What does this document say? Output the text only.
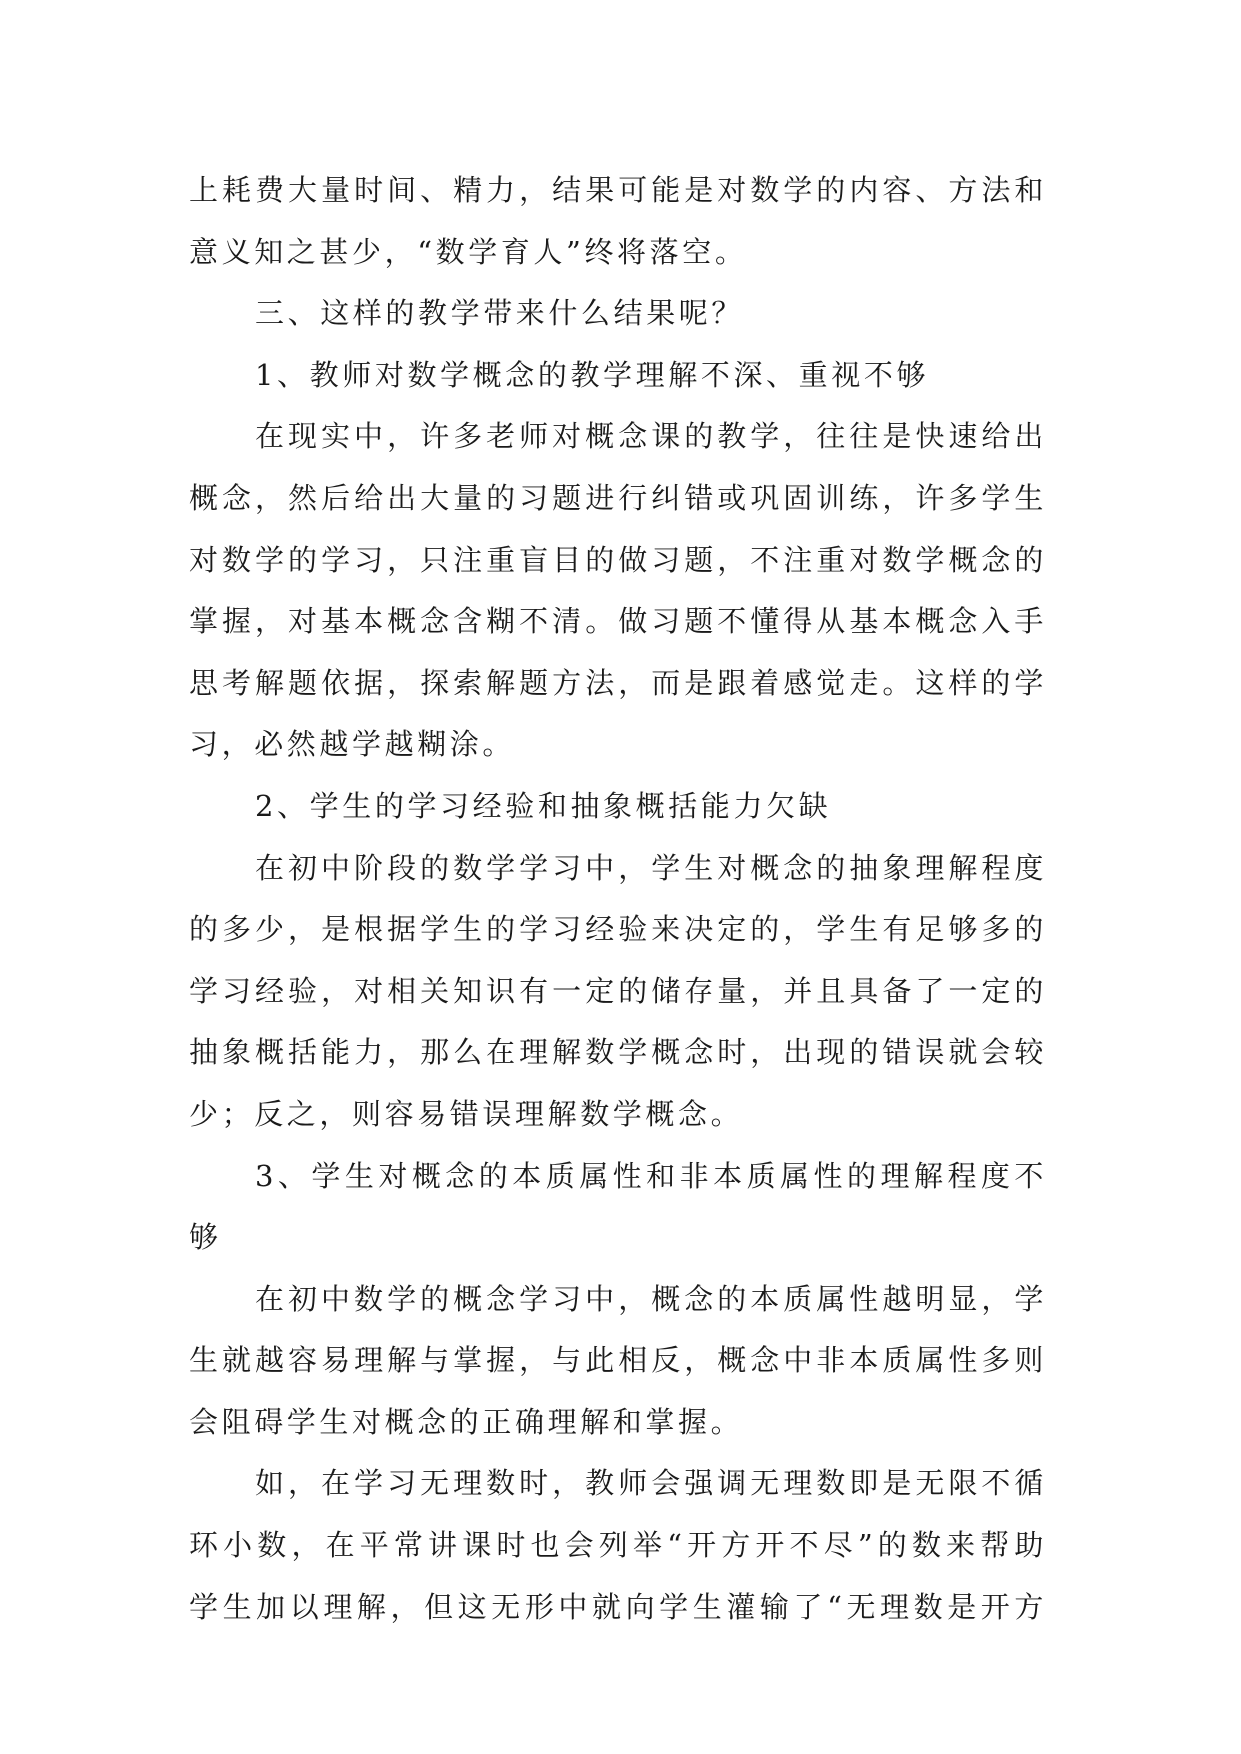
上耗费大量时间、精力，结果可能是对数学的内容、方法和
意义知之甚少，“数学育人”终将落空。
三、这样的教学带来什么结果呢？
1、教师对数学概念的教学理解不深、重视不够
在现实中，许多老师对概念课的教学，往往是快速给出
概念，然后给出大量的习题进行纠错或巩固训练，许多学生
对数学的学习，只注重盲目的做习题，不注重对数学概念的
掌握，对基本概念含糊不清。做习题不懂得从基本概念入手
思考解题依据，探索解题方法，而是跟着感觉走。这样的学
习，必然越学越糊涂。
2、学生的学习经验和抽象概括能力欠缺
在初中阶段的数学学习中，学生对概念的抽象理解程度
的多少，是根据学生的学习经验来决定的，学生有足够多的
学习经验，对相关知识有一定的储存量，并且具备了一定的
抽象概括能力，那么在理解数学概念时，出现的错误就会较
少；反之，则容易错误理解数学概念。
3、学生对概念的本质属性和非本质属性的理解程度不
够
在初中数学的概念学习中，概念的本质属性越明显，学
生就越容易理解与掌握，与此相反，概念中非本质属性多则
会阻碍学生对概念的正确理解和掌握。
如，在学习无理数时，教师会强调无理数即是无限不循
环小数，在平常讲课时也会列举“开方开不尽”的数来帮助
学生加以理解，但这无形中就向学生灌输了“无理数是开方
